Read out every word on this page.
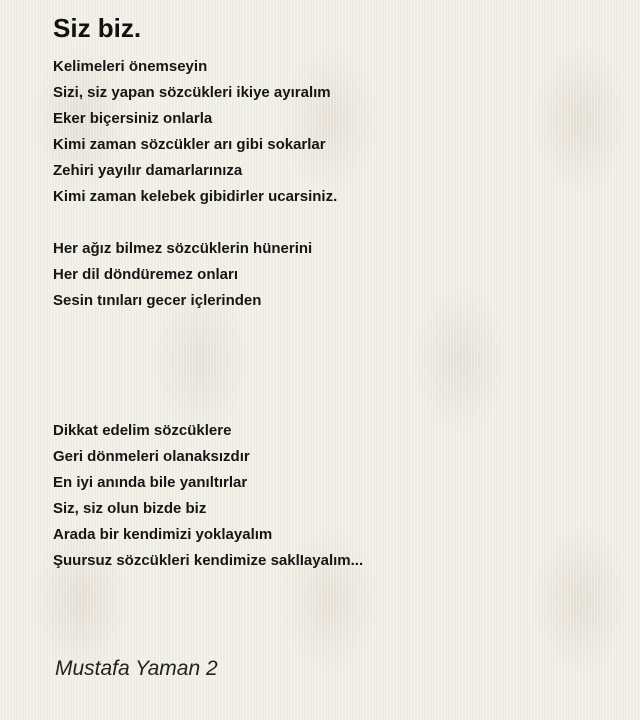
Siz biz.
Kelimeleri önemseyin
Sizi, siz yapan sözcükleri ikiye ayıralım
Eker biçersiniz onlarla
Kimi zaman sözcükler arı gibi sokarlar
Zehiri yayılır damarlarınıza
Kimi zaman kelebek gibidirler ucarsiniz.
Her ağız bilmez sözcüklerin hünerini
Her dil döndüremez onları
Sesin tınıları gecer içlerinden
Dikkat edelim sözcüklere
Geri dönmeleri olanaksızdır
En iyi anında bile yanıltırlar
Siz, siz olun bizde biz
Arada bir kendimizi yoklayalım
Şuursuz sözcükleri kendimize saklIayalım...

Mustafa Yaman 2
